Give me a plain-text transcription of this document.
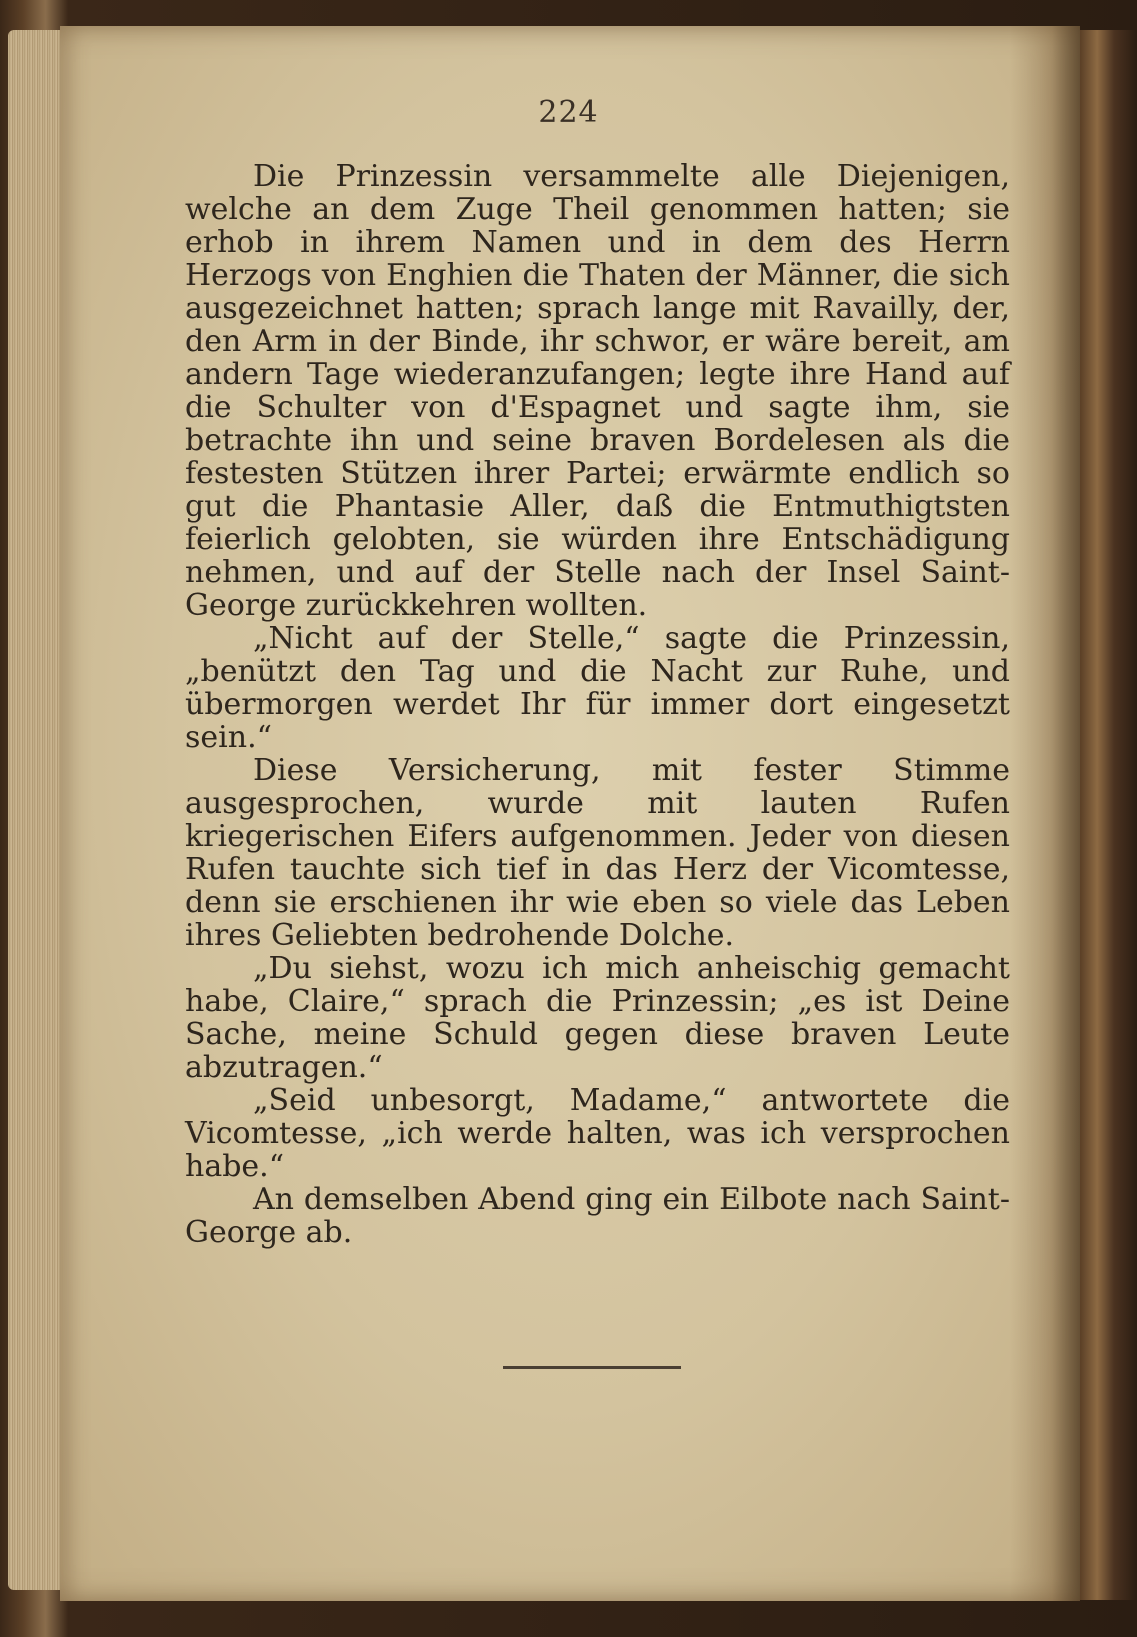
224

Die Prinzessin versammelte alle Diejenigen, welche an dem Zuge Theil genommen hatten; sie erhob in ihrem Namen und in dem des Herrn Herzogs von Enghien die Thaten der Männer, die sich ausgezeichnet hatten; sprach lange mit Ravailly, der, den Arm in der Binde, ihr schwor, er wäre bereit, am andern Tage wiederanzufangen; legte ihre Hand auf die Schulter von d'Espagnet und sagte ihm, sie betrachte ihn und seine braven Bordelesen als die festesten Stützen ihrer Partei; erwärmte endlich so gut die Phantasie Aller, daß die Entmuthigtsten feierlich gelobten, sie würden ihre Entschädigung nehmen, und auf der Stelle nach der Insel Saint-George zurückkehren wollten.

„Nicht auf der Stelle,“ sagte die Prinzessin, „benützt den Tag und die Nacht zur Ruhe, und übermorgen werdet Ihr für immer dort eingesetzt sein.“

Diese Versicherung, mit fester Stimme ausgesprochen, wurde mit lauten Rufen kriegerischen Eifers aufgenommen. Jeder von diesen Rufen tauchte sich tief in das Herz der Vicomtesse, denn sie erschienen ihr wie eben so viele das Leben ihres Geliebten bedrohende Dolche.

„Du siehst, wozu ich mich anheischig gemacht habe, Claire,“ sprach die Prinzessin; „es ist Deine Sache, meine Schuld gegen diese braven Leute abzutragen.“

„Seid unbesorgt, Madame,“ antwortete die Vicomtesse, „ich werde halten, was ich versprochen habe.“

An demselben Abend ging ein Eilbote nach Saint-George ab.
